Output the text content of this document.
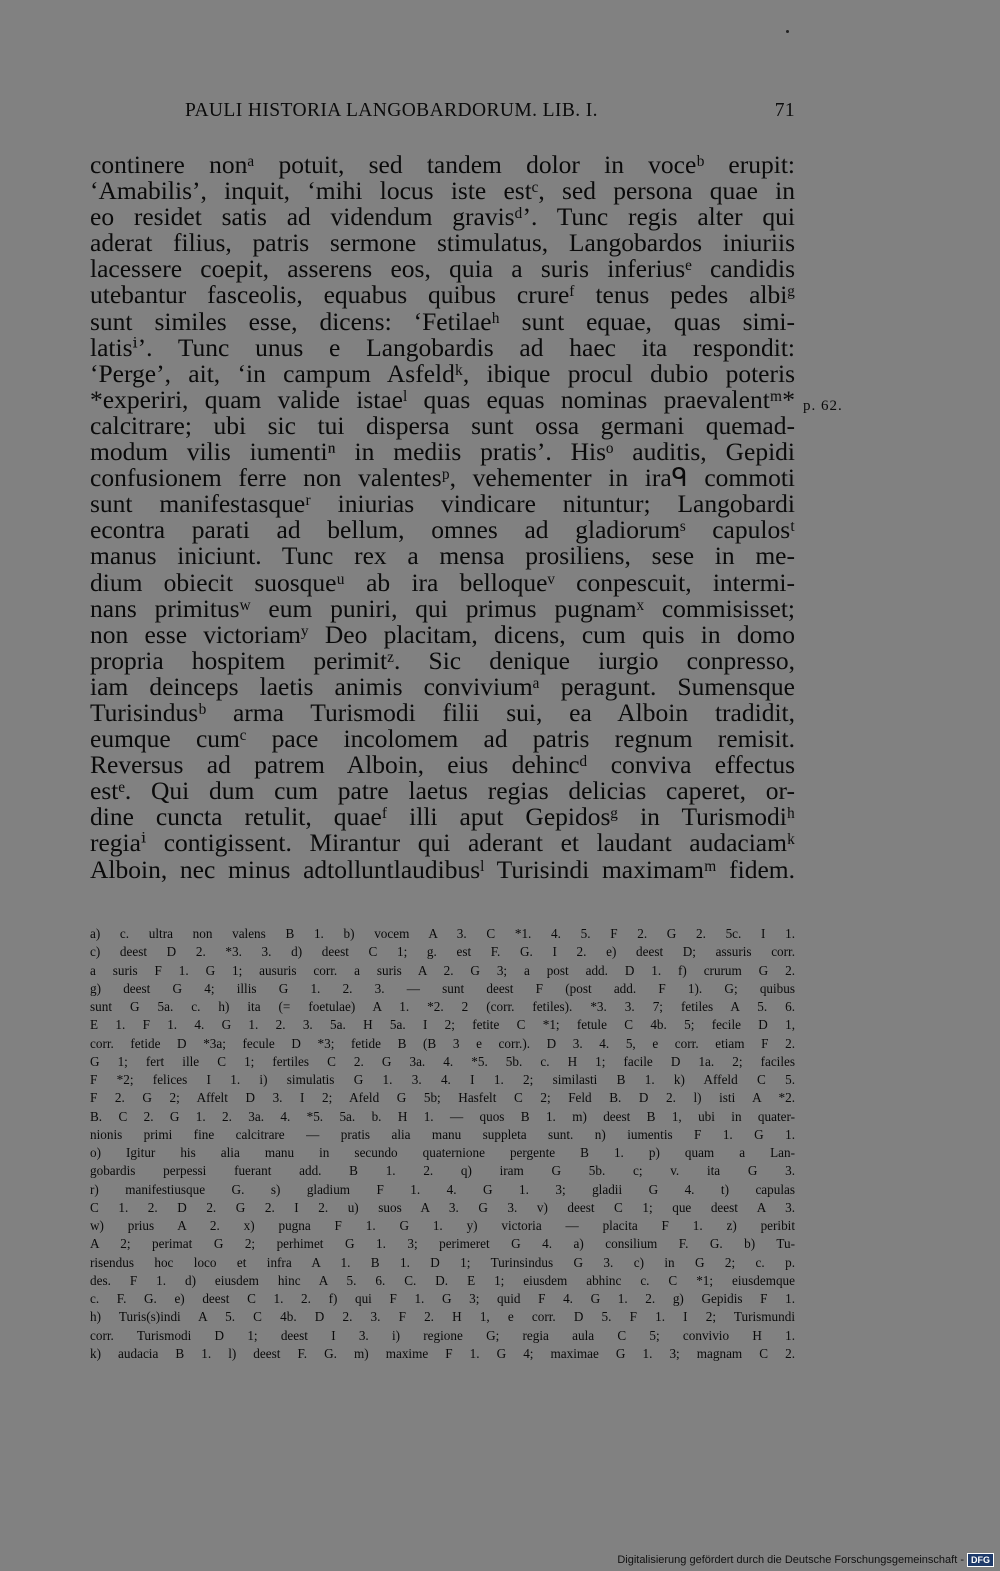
PAULI HISTORIA LANGOBARDORUM. LIB. I.	71
continere nonᵃ potuit, sed tandem dolor in voceᵇ erupit:
‘Amabilis’, inquit, ‘mihi locus iste estᶜ, sed persona quae in
eo residet satis ad videndum gravisᵈ’. Tunc regis alter qui
aderat filius, patris sermone stimulatus, Langobardos iniuriis
lacessere coepit, asserens eos, quia a suris inferiusᵉ candidis
utebantur fasceolis, equabus quibus crureᶠ tenus pedes albiᵍ
sunt similes esse, dicens: ‘Fetilaeʰ sunt equae, quas simi-
latisⁱ’. Tunc unus e Langobardis ad haec ita respondit:
‘Perge’, ait, ‘in campum Asfeldᵏ, ibique procul dubio poteris
*experiri, quam valide istaeˡ quas equas nominas praevalentᵐ*
calcitrare; ubi sic tui dispersa sunt ossa germani quemad-
modum vilis iumentiⁿ in mediis pratis’. Hisᵒ auditis, Gepidi
confusionem ferre non valentesᵖ, vehementer in iraᑫ commoti
sunt manifestasqueʳ iniurias vindicare nituntur; Langobardi
econtra parati ad bellum, omnes ad gladiorumˢ capulosᵗ
manus iniciunt. Tunc rex a mensa prosiliens, sese in me-
dium obiecit suosqueᵘ ab ira belloqueᵛ conpescuit, intermi-
nans primitusʷ eum puniri, qui primus pugnamˣ commisisset;
non esse victoriamʸ Deo placitam, dicens, cum quis in domo
propria hospitem perimitᶻ. Sic denique iurgio conpresso,
iam deinceps laetis animis conviviumᵃ peragunt. Sumensque
Turisindusᵇ arma Turismodi filii sui, ea Alboin tradidit,
eumque cumᶜ pace incolomem ad patris regnum remisit.
Reversus ad patrem Alboin, eius dehincᵈ conviva effectus
estᵉ. Qui dum cum patre laetus regias delicias caperet, or-
dine cuncta retulit, quaeᶠ illi aput Gepidosᵍ in Turismodiʰ
regiaⁱ contigissent. Mirantur qui aderant et laudant audaciamᵏ
Alboin, nec minus adtolluntlaudibusˡ Turisindi maximamᵐ fidem.
p. 62.
a) c. ultra non valens B 1. b) vocem A 3. C *1. 4. 5. F 2. G 2. 5c. I 1.
c) deest D 2. *3. 3. d) deest C 1; g. est F. G. I 2. e) deest D; assuris corr.
a suris F 1. G 1; ausuris corr. a suris A 2. G 3; a post add. D 1. f) crurum G 2.
g) deest G 4; illis G 1. 2. 3. — sunt deest F (post add. F 1). G; quibus
sunt G 5a. c. h) ita (= foetulae) A 1. *2. 2 (corr. fetiles). *3. 3. 7; fetiles A 5. 6.
E 1. F 1. 4. G 1. 2. 3. 5a. H 5a. I 2; fetite C *1; fetule C 4b. 5; fecile D 1,
corr. fetide D *3a; fecule D *3; fetide B (B 3 e corr.). D 3. 4. 5, e corr. etiam F 2.
G 1; fert ille C 1; fertiles C 2. G 3a. 4. *5. 5b. c. H 1; facile D 1a. 2; faciles
F *2; felices I 1. i) simulatis G 1. 3. 4. I 1. 2; similasti B 1. k) Affeld C 5.
F 2. G 2; Affelt D 3. I 2; Afeld G 5b; Hasfelt C 2; Feld B. D 2. l) isti A *2.
B. C 2. G 1. 2. 3a. 4. *5. 5a. b. H 1. — quos B 1. m) deest B 1, ubi in quater-
nionis primi fine calcitrare — pratis alia manu suppleta sunt. n) iumentis F 1. G 1.
o) Igitur his alia manu in secundo quaternione pergente B 1. p) quam a Lan-
gobardis perpessi fuerant add. B 1. 2. q) iram G 5b. c; v. ita G 3.
r) manifestiusque G. s) gladium F 1. 4. G 1. 3; gladii G 4. t) capulas
C 1. 2. D 2. G 2. I 2. u) suos A 3. G 3. v) deest C 1; que deest A 3.
w) prius A 2. x) pugna F 1. G 1. y) victoria — placita F 1. z) peribit
A 2; perimat G 2; perhimet G 1. 3; perimeret G 4. a) consilium F. G. b) Tu-
risendus hoc loco et infra A 1. B 1. D 1; Turinsindus G 3. c) in G 2; c. p.
des. F 1. d) eiusdem hinc A 5. 6. C. D. E 1; eiusdem abhinc c. C *1; eiusdemque
c. F. G. e) deest C 1. 2. f) qui F 1. G 3; quid F 4. G 1. 2. g) Gepidis F 1.
h) Turis(s)indi A 5. C 4b. D 2. 3. F 2. H 1, e corr. D 5. F 1. I 2; Turismundi
corr. Turismodi D 1; deest I 3. i) regione G; regia aula C 5; convivio H 1.
k) audacia B 1. l) deest F. G. m) maxime F 1. G 4; maximae G 1. 3; magnam C 2.
Digitalisierung gefördert durch die Deutsche Forschungsgemeinschaft - DFG
